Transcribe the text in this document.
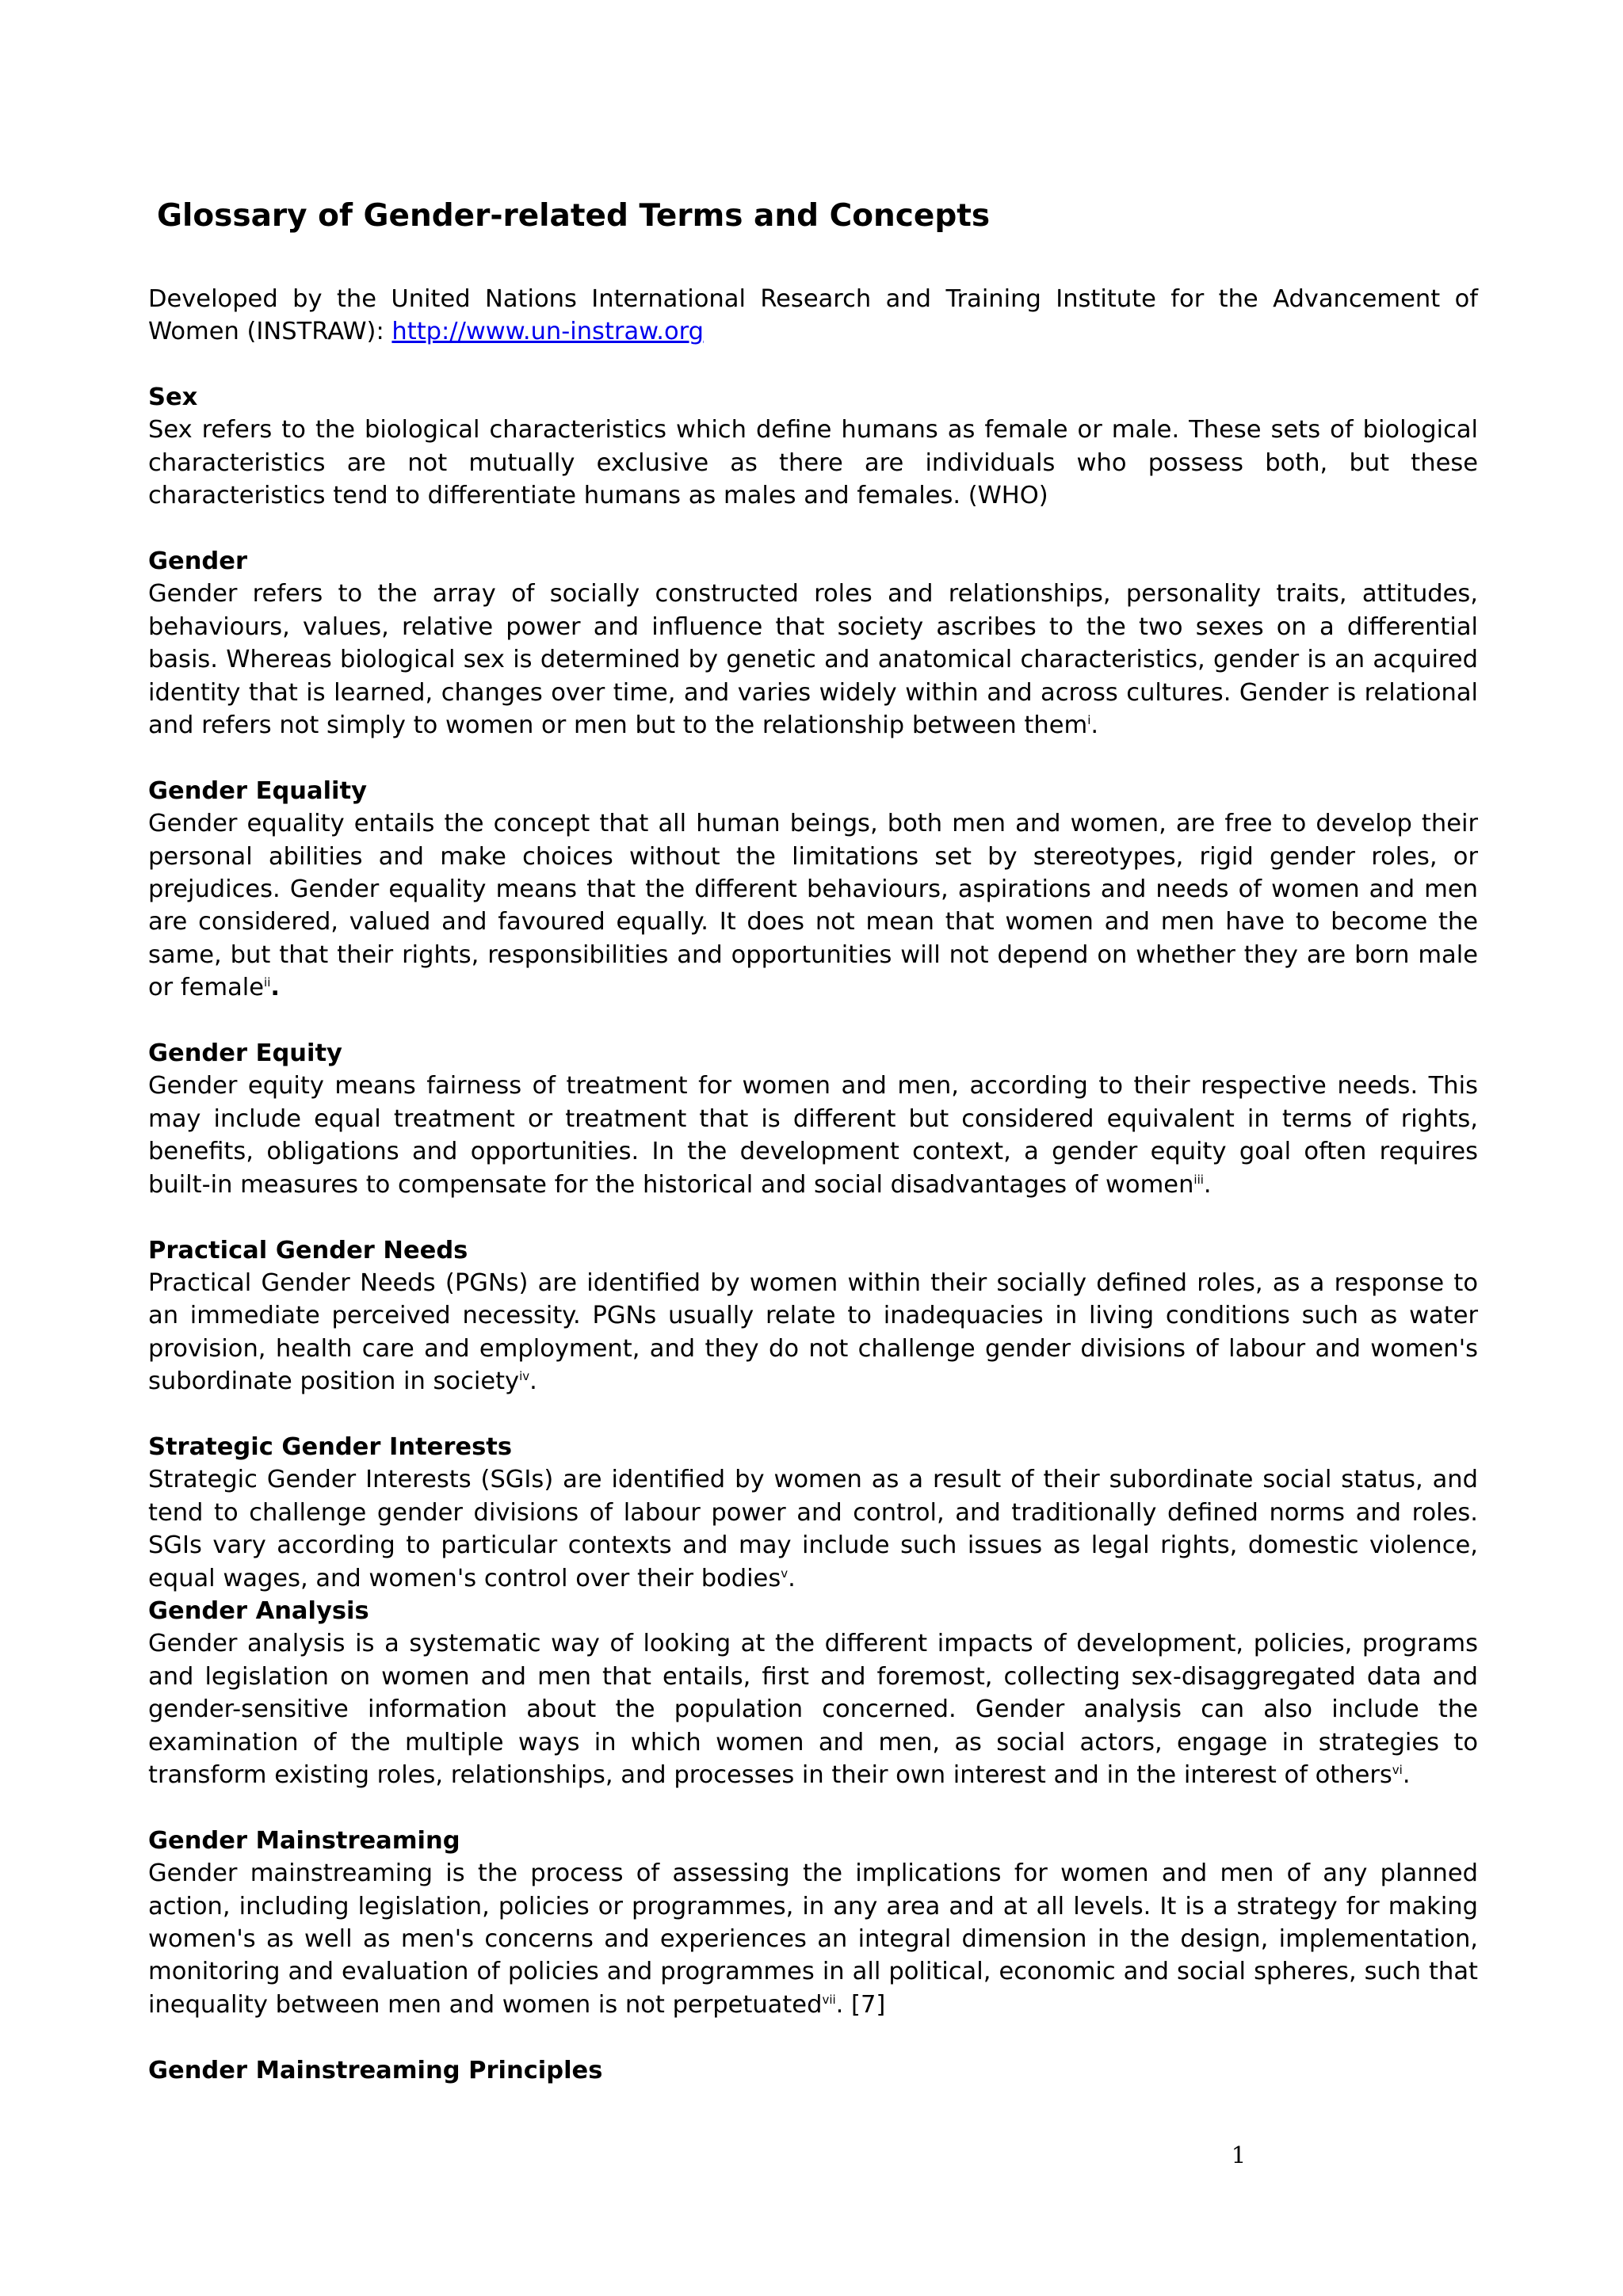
Glossary of Gender-related Terms and Concepts

Developed by the United Nations International Research and Training Institute for the Advancement of Women (INSTRAW): http://www.un-instraw.org

Sex

Sex refers to the biological characteristics which define humans as female or male. These sets of biological characteristics are not mutually exclusive as there are individuals who possess both, but these characteristics tend to differentiate humans as males and females. (WHO)

Gender

Gender refers to the array of socially constructed roles and relationships, personality traits, attitudes, behaviours, values, relative power and influence that society ascribes to the two sexes on a differential basis. Whereas biological sex is determined by genetic and anatomical characteristics, gender is an acquired identity that is learned, changes over time, and varies widely within and across cultures. Gender is relational and refers not simply to women or men but to the relationship between them$^i$.

Gender Equality

Gender equality entails the concept that all human beings, both men and women, are free to develop their personal abilities and make choices without the limitations set by stereotypes, rigid gender roles, or prejudices. Gender equality means that the different behaviours, aspirations and needs of women and men are considered, valued and favoured equally. It does not mean that women and men have to become the same, but that their rights, responsibilities and opportunities will not depend on whether they are born male or female$^{ii}$.

Gender Equity

Gender equity means fairness of treatment for women and men, according to their respective needs. This may include equal treatment or treatment that is different but considered equivalent in terms of rights, benefits, obligations and opportunities. In the development context, a gender equity goal often requires built-in measures to compensate for the historical and social disadvantages of women$^{iii}$.

Practical Gender Needs

Practical Gender Needs (PGNs) are identified by women within their socially defined roles, as a response to an immediate perceived necessity. PGNs usually relate to inadequacies in living conditions such as water provision, health care and employment, and they do not challenge gender divisions of labour and women's subordinate position in society$^{iv}$.

Strategic Gender Interests

Strategic Gender Interests (SGIs) are identified by women as a result of their subordinate social status, and tend to challenge gender divisions of labour power and control, and traditionally defined norms and roles. SGIs vary according to particular contexts and may include such issues as legal rights, domestic violence, equal wages, and women's control over their bodies$^v$.

Gender Analysis

Gender analysis is a systematic way of looking at the different impacts of development, policies, programs and legislation on women and men that entails, first and foremost, collecting sex-disaggregated data and gender-sensitive information about the population concerned. Gender analysis can also include the examination of the multiple ways in which women and men, as social actors, engage in strategies to transform existing roles, relationships, and processes in their own interest and in the interest of others$^{vi}$.

Gender Mainstreaming

Gender mainstreaming is the process of assessing the implications for women and men of any planned action, including legislation, policies or programmes, in any area and at all levels. It is a strategy for making women's as well as men's concerns and experiences an integral dimension in the design, implementation, monitoring and evaluation of policies and programmes in all political, economic and social spheres, such that inequality between men and women is not perpetuated$^{vii}$. [7]

Gender Mainstreaming Principles

1
